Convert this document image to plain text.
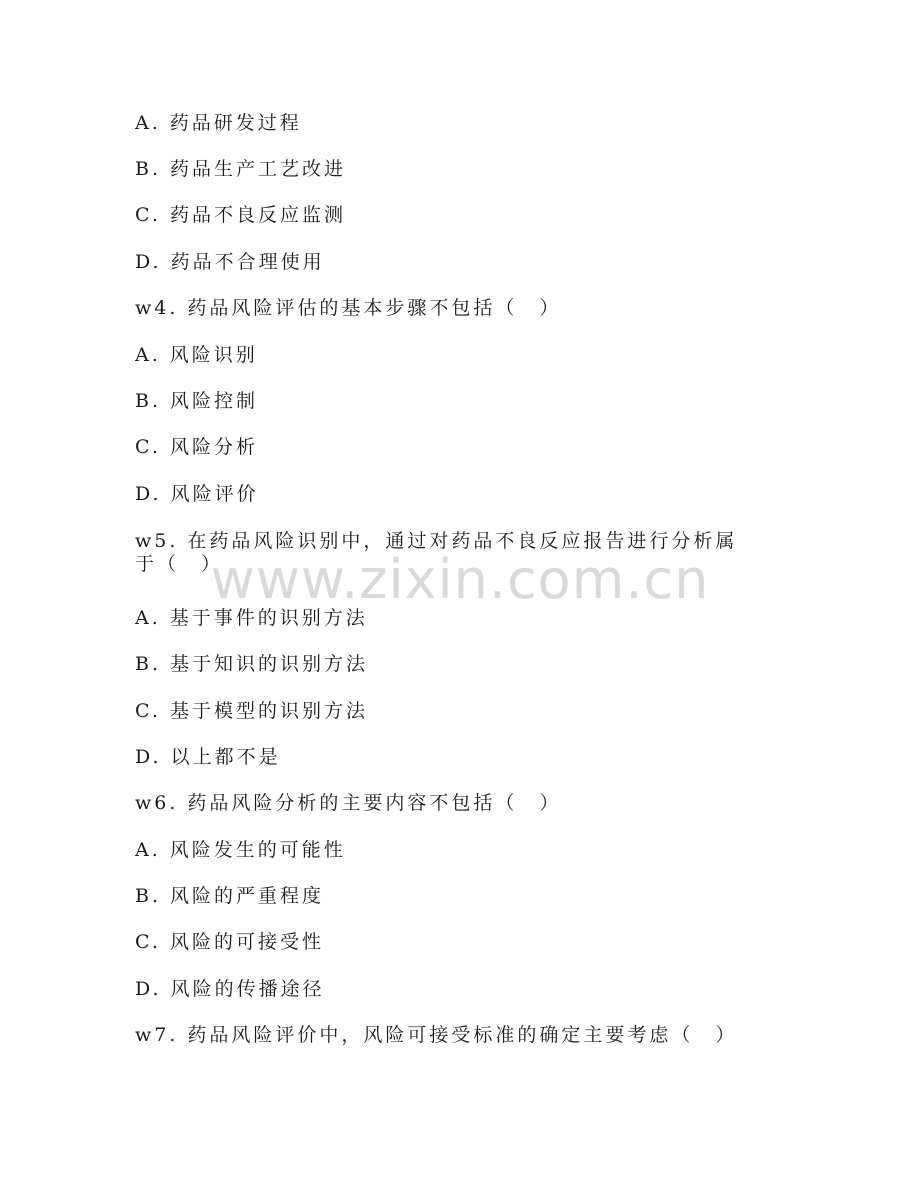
www.zixin.com.cn
A. 药品研发过程
B. 药品生产工艺改进
C. 药品不良反应监测
D. 药品不合理使用
w4. 药品风险评估的基本步骤不包括（　）
A. 风险识别
B. 风险控制
C. 风险分析
D. 风险评价
w5. 在药品风险识别中，通过对药品不良反应报告进行分析属于（　）
A. 基于事件的识别方法
B. 基于知识的识别方法
C. 基于模型的识别方法
D. 以上都不是
w6. 药品风险分析的主要内容不包括（　）
A. 风险发生的可能性
B. 风险的严重程度
C. 风险的可接受性
D. 风险的传播途径
w7. 药品风险评价中，风险可接受标准的确定主要考虑（　）
